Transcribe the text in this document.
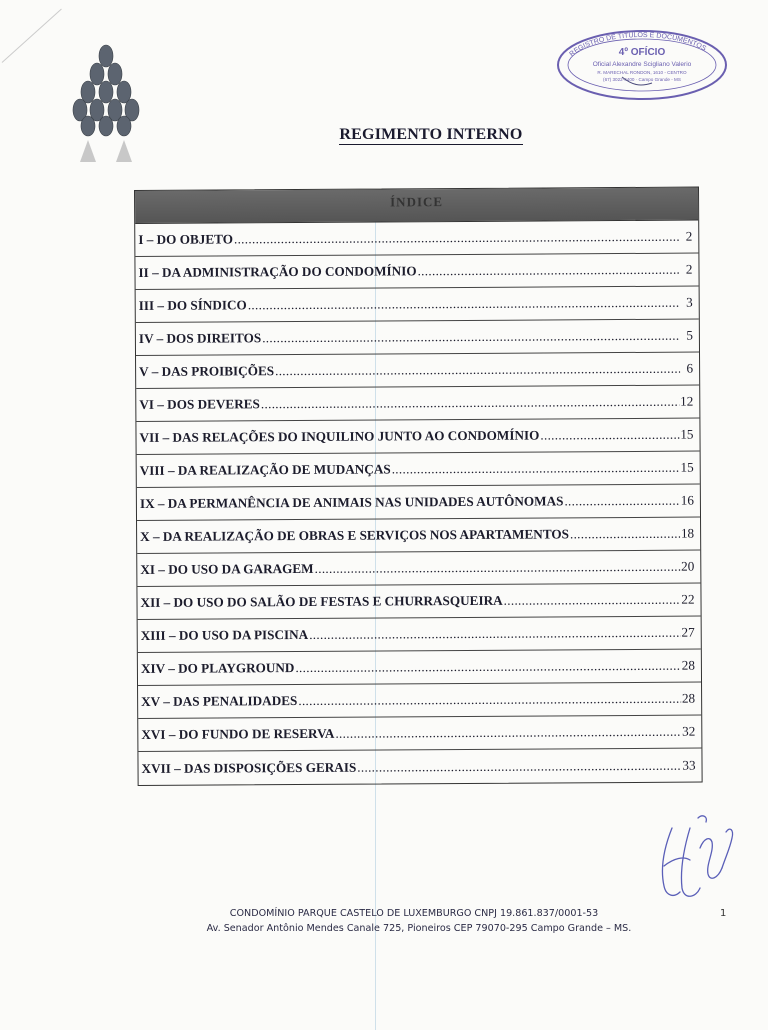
REGISTRO DE TÍTULOS E DOCUMENTOS
4º OFÍCIO
Oficial Alexandre Scigliano Valerio
R. MARECHAL RONDON, 1610 - CENTRO
(67) 3022-4400 · Campo Grande - MS
REGIMENTO INTERNO
ÍNDICE
I – DO OBJETO .....	2
II – DA ADMINISTRAÇÃO DO CONDOMÍNIO .....	2
III – DO SÍNDICO .....	3
IV – DOS DIREITOS .....	5
V – DAS PROIBIÇÕES .....	6
VI – DOS DEVERES .....	12
VII – DAS RELAÇÕES DO INQUILINO JUNTO AO CONDOMÍNIO .....	15
VIII – DA REALIZAÇÃO DE MUDANÇAS .....	15
IX – DA PERMANÊNCIA DE ANIMAIS NAS UNIDADES AUTÔNOMAS .....	16
X – DA REALIZAÇÃO DE OBRAS E SERVIÇOS NOS APARTAMENTOS .....	18
XI – DO USO DA GARAGEM .....	20
XII – DO USO DO SALÃO DE FESTAS E CHURRASQUEIRA .....	22
XIII – DO USO DA PISCINA .....	27
XIV – DO PLAYGROUND .....	28
XV – DAS PENALIDADES .....	28
XVI – DO FUNDO DE RESERVA .....	32
XVII – DAS DISPOSIÇÕES GERAIS .....	33
CONDOMÍNIO PARQUE CASTELO DE LUXEMBURGO CNPJ 19.861.837/0001-53
Av. Senador Antônio Mendes Canale 725, Pioneiros CEP 79070-295 Campo Grande – MS.
1
